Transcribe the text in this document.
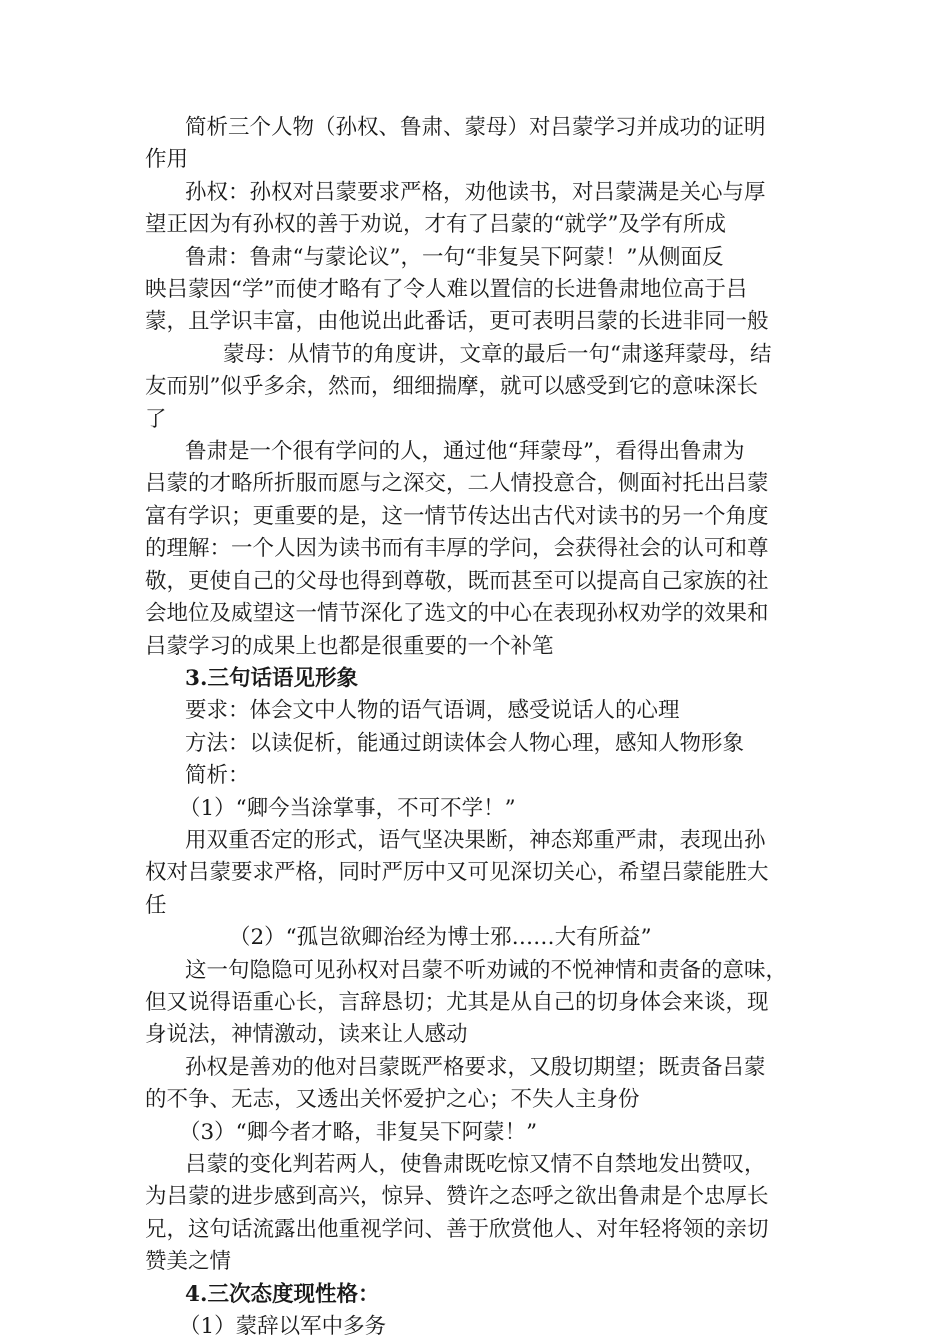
简析三个人物（孙权、鲁肃、蒙母）对吕蒙学习并成功的证明

作用

孙权：孙权对吕蒙要求严格，劝他读书，对吕蒙满是关心与厚

望正因为有孙权的善于劝说，才有了吕蒙的“就学”及学有所成

鲁肃：鲁肃“与蒙论议”，一句“非复吴下阿蒙！”从侧面反

映吕蒙因“学”而使才略有了令人难以置信的长进鲁肃地位高于吕

蒙，且学识丰富，由他说出此番话，更可表明吕蒙的长进非同一般

蒙母：从情节的角度讲，文章的最后一句“肃遂拜蒙母，结

友而别”似乎多余，然而，细细揣摩，就可以感受到它的意味深长

了

鲁肃是一个很有学问的人，通过他“拜蒙母”，看得出鲁肃为

吕蒙的才略所折服而愿与之深交，二人情投意合，侧面衬托出吕蒙

富有学识；更重要的是，这一情节传达出古代对读书的另一个角度

的理解：一个人因为读书而有丰厚的学问，会获得社会的认可和尊

敬，更使自己的父母也得到尊敬，既而甚至可以提高自己家族的社

会地位及威望这一情节深化了选文的中心在表现孙权劝学的效果和

吕蒙学习的成果上也都是很重要的一个补笔

3.三句话语见形象

要求：体会文中人物的语气语调，感受说话人的心理

方法：以读促析，能通过朗读体会人物心理，感知人物形象

简析：

（1）“卿今当涂掌事，不可不学！”

用双重否定的形式，语气坚决果断，神态郑重严肃，表现出孙

权对吕蒙要求严格，同时严厉中又可见深切关心，希望吕蒙能胜大

任

（2）“孤岂欲卿治经为博士邪……大有所益”

这一句隐隐可见孙权对吕蒙不听劝诫的不悦神情和责备的意味，

但又说得语重心长，言辞恳切；尤其是从自己的切身体会来谈，现

身说法，神情激动，读来让人感动

孙权是善劝的他对吕蒙既严格要求，又殷切期望；既责备吕蒙

的不争、无志，又透出关怀爱护之心；不失人主身份

（3）“卿今者才略，非复吴下阿蒙！”

吕蒙的变化判若两人，使鲁肃既吃惊又情不自禁地发出赞叹，

为吕蒙的进步感到高兴，惊异、赞许之态呼之欲出鲁肃是个忠厚长

兄，这句话流露出他重视学问、善于欣赏他人、对年轻将领的亲切

赞美之情

4.三次态度现性格：

（1）蒙辞以军中多务
